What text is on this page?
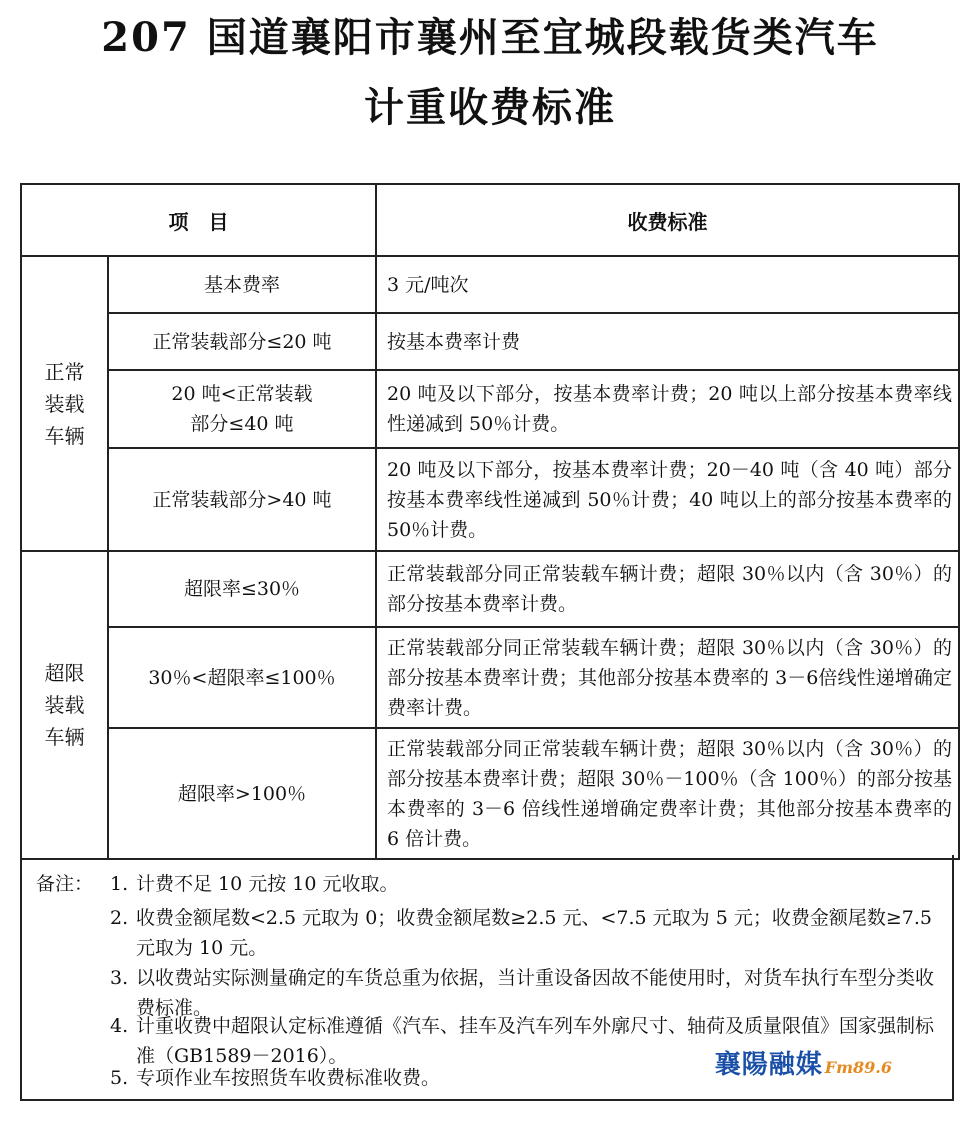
207 国道襄阳市襄州至宜城段载货类汽车
计重收费标准
项　目		收费标准

正常
装载
车辆	基本费率	3 元/吨次
	正常装载部分≤20 吨	按基本费率计费

	20 吨<正常装载
部分≤40 吨	20 吨及以下部分，按基本费率计费；20 吨以上部分按基本费率线性递减到 50％计费。
	正常装载部分>40 吨	20 吨及以下部分，按基本费率计费；20－40 吨（含 40 吨）部分按基本费率线性递减到 50％计费；40 吨以上的部分按基本费率的 50％计费。

超限
装载
车辆	超限率≤30％	正常装载部分同正常装载车辆计费；超限 30％以内（含 30％）的部分按基本费率计费。
	30％<超限率≤100％	正常装载部分同正常装载车辆计费；超限 30％以内（含 30％）的部分按基本费率计费；其他部分按基本费率的 3－6倍线性递增确定费率计费。
	超限率>100％	正常装载部分同正常装载车辆计费；超限 30％以内（含 30％）的部分按基本费率计费；超限 30％－100％（含 100％）的部分按基本费率的 3－6 倍线性递增确定费率计费；其他部分按基本费率的 6 倍计费。
备注： 1. 计费不足 10 元按 10 元收取。
2. 收费金额尾数<2.5 元取为 0；收费金额尾数≥2.5 元、<7.5 元取为 5 元；收费金额尾数≥7.5 元取为 10 元。
3. 以收费站实际测量确定的车货总重为依据，当计重设备因故不能使用时，对货车执行车型分类收费标准。
4. 计重收费中超限认定标准遵循《汽车、挂车及汽车列车外廓尺寸、轴荷及质量限值》国家强制标准（GB1589－2016）。
5. 专项作业车按照货车收费标准收费。	襄陽融媒 Fm89.6
